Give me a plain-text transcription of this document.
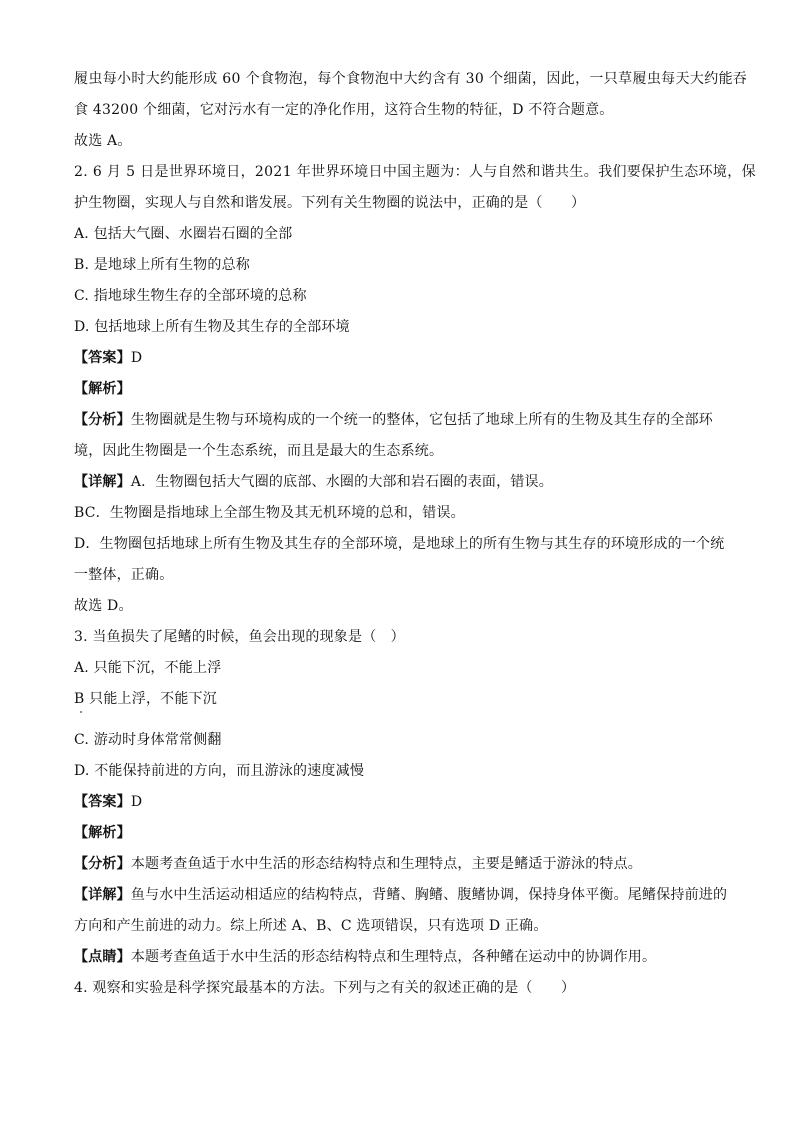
履虫每小时大约能形成 60 个食物泡，每个食物泡中大约含有 30 个细菌，因此，一只草履虫每天大约能吞
食 43200 个细菌，它对污水有一定的净化作用，这符合生物的特征，D 不符合题意。
故选 A。
2. 6 月 5 日是世界环境日，2021 年世界环境日中国主题为：人与自然和谐共生。我们要保护生态环境，保
护生物圈，实现人与自然和谐发展。下列有关生物圈的说法中，正确的是（　　）
A. 包括大气圈、水圈岩石圈的全部
B. 是地球上所有生物的总称
C. 指地球生物生存的全部环境的总称
D. 包括地球上所有生物及其生存的全部环境
【答案】D
【解析】
【分析】生物圈就是生物与环境构成的一个统一的整体，它包括了地球上所有的生物及其生存的全部环
境，因此生物圈是一个生态系统，而且是最大的生态系统。
【详解】A．生物圈包括大气圈的底部、水圈的大部和岩石圈的表面，错误。
BC．生物圈是指地球上全部生物及其无机环境的总和，错误。
D．生物圈包括地球上所有生物及其生存的全部环境，是地球上的所有生物与其生存的环境形成的一个统
一整体，正确。
故选 D。
3. 当鱼损失了尾鳍的时候，鱼会出现的现象是（　）
A. 只能下沉，不能上浮
B 只能上浮，不能下沉
C. 游动时身体常常侧翻
D. 不能保持前进的方向，而且游泳的速度减慢
【答案】D
【解析】
【分析】本题考查鱼适于水中生活的形态结构特点和生理特点，主要是鳍适于游泳的特点。
【详解】鱼与水中生活运动相适应的结构特点，背鳍、胸鳍、腹鳍协调，保持身体平衡。尾鳍保持前进的
方向和产生前进的动力。综上所述 A、B、C 选项错误，只有选项 D 正确。
【点睛】本题考查鱼适于水中生活的形态结构特点和生理特点，各种鳍在运动中的协调作用。
4. 观察和实验是科学探究最基本的方法。下列与之有关的叙述正确的是（　　）
